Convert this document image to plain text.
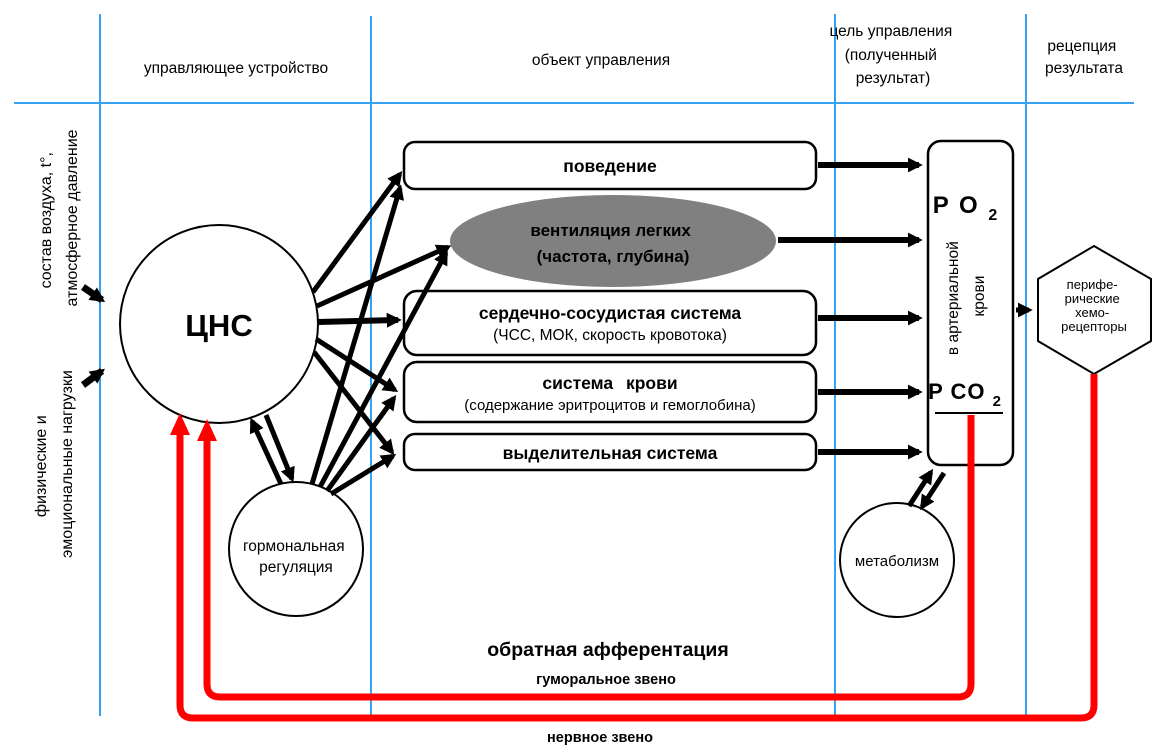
управляющее устройство	объект управления
цель управления (полученный результат)
рецепция результата
состав воздуха, t°, атмосферное давление
физические и эмоциональные нагрузки
ЦНС
гормональная регуляция	метаболизм
поведение
вентиляция легких (частота, глубина)
сердечно-сосудистая система
(ЧСС, МОК, скорость кровотока)
система крови
(содержание эритроцитов и гемоглобина)
выделительная система
P O $_2$
в артериальной крови
P CO $_2$
перифе- рические хемо- рецепторы
обратная афферентация
гуморальное звено
нервное звено
